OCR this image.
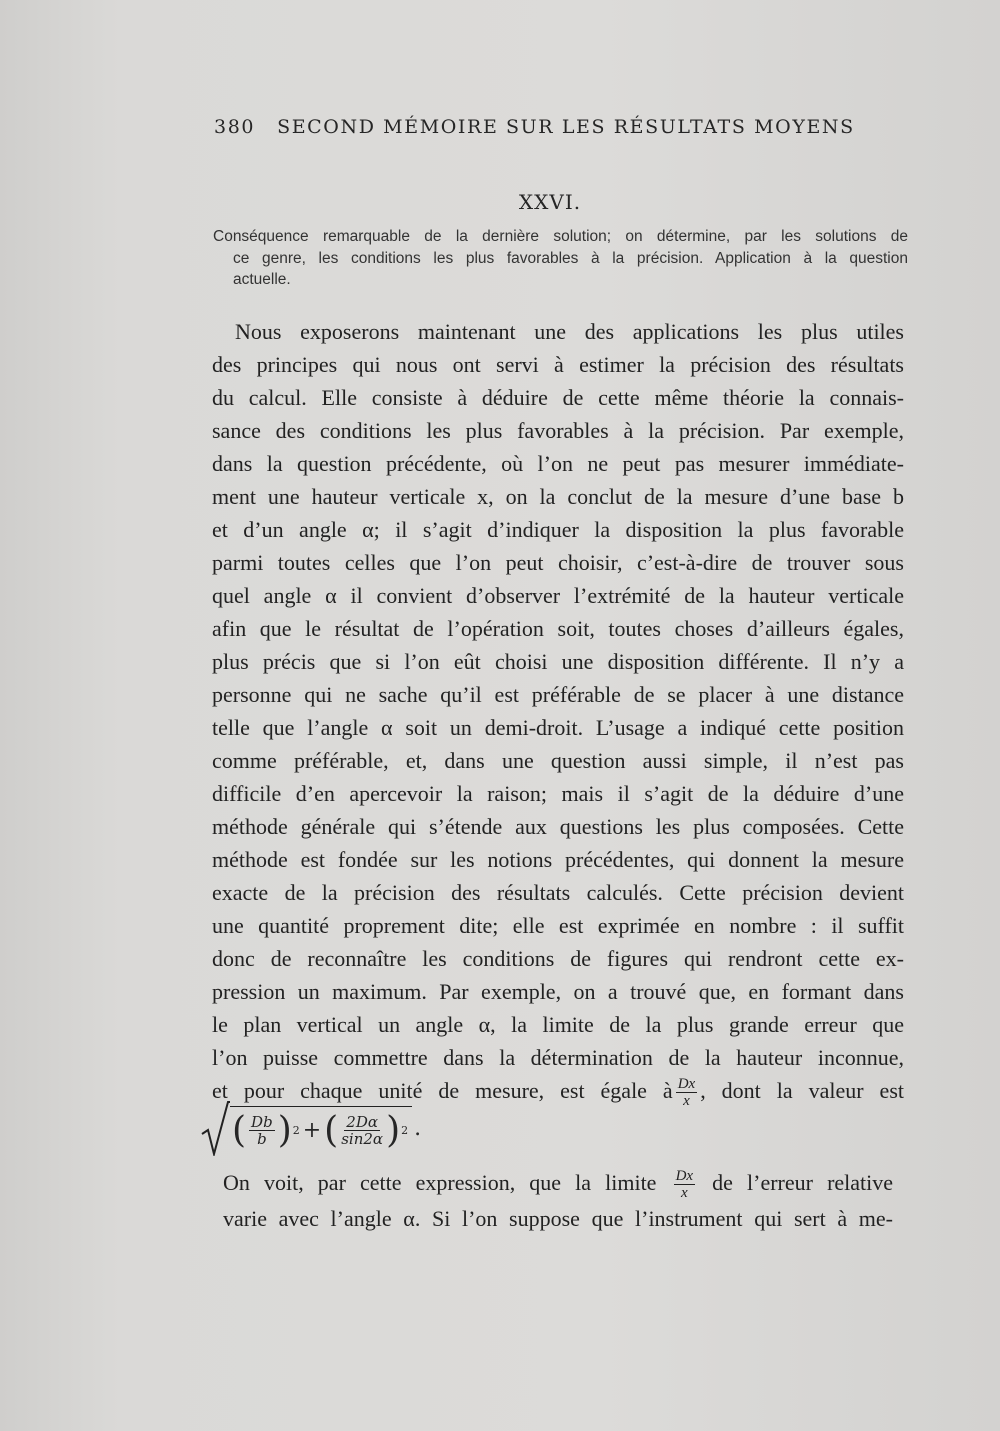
380 SECOND MÉMOIRE SUR LES RÉSULTATS MOYENS
XXVI.
Conséquence remarquable de la dernière solution; on détermine, par les solutions de
ce genre, les conditions les plus favorables à la précision. Application à la question
actuelle.
Nous exposerons maintenant une des applications les plus utiles
des principes qui nous ont servi à estimer la précision des résultats
du calcul. Elle consiste à déduire de cette même théorie la connais-
sance des conditions les plus favorables à la précision. Par exemple,
dans la question précédente, où l’on ne peut pas mesurer immédiate-
ment une hauteur verticale x, on la conclut de la mesure d’une base b
et d’un angle α; il s’agit d’indiquer la disposition la plus favorable
parmi toutes celles que l’on peut choisir, c’est-à-dire de trouver sous
quel angle α il convient d’observer l’extrémité de la hauteur verticale
afin que le résultat de l’opération soit, toutes choses d’ailleurs égales,
plus précis que si l’on eût choisi une disposition différente. Il n’y a
personne qui ne sache qu’il est préférable de se placer à une distance
telle que l’angle α soit un demi-droit. L’usage a indiqué cette position
comme préférable, et, dans une question aussi simple, il n’est pas
difficile d’en apercevoir la raison; mais il s’agit de la déduire d’une
méthode générale qui s’étende aux questions les plus composées. Cette
méthode est fondée sur les notions précédentes, qui donnent la mesure
exacte de la précision des résultats calculés. Cette précision devient
une quantité proprement dite; elle est exprimée en nombre : il suffit
donc de reconnaître les conditions de figures qui rendront cette ex-
pression un maximum. Par exemple, on a trouvé que, en formant dans
le plan vertical un angle α, la limite de la plus grande erreur que
l’on puisse commettre dans la détermination de la hauteur inconnue,
et pour chaque unité de mesure, est égale à $\frac{Dx}{x}$ , dont la valeur est
( $\frac{Db}{b}$ ) 2 + ( $\frac{2D\alpha}{\sin 2\alpha}$ ) 2 .
On voit, par cette expression, que la limite $\frac{Dx}{x}$ de l’erreur relative
varie avec l’angle α. Si l’on suppose que l’instrument qui sert à me-
